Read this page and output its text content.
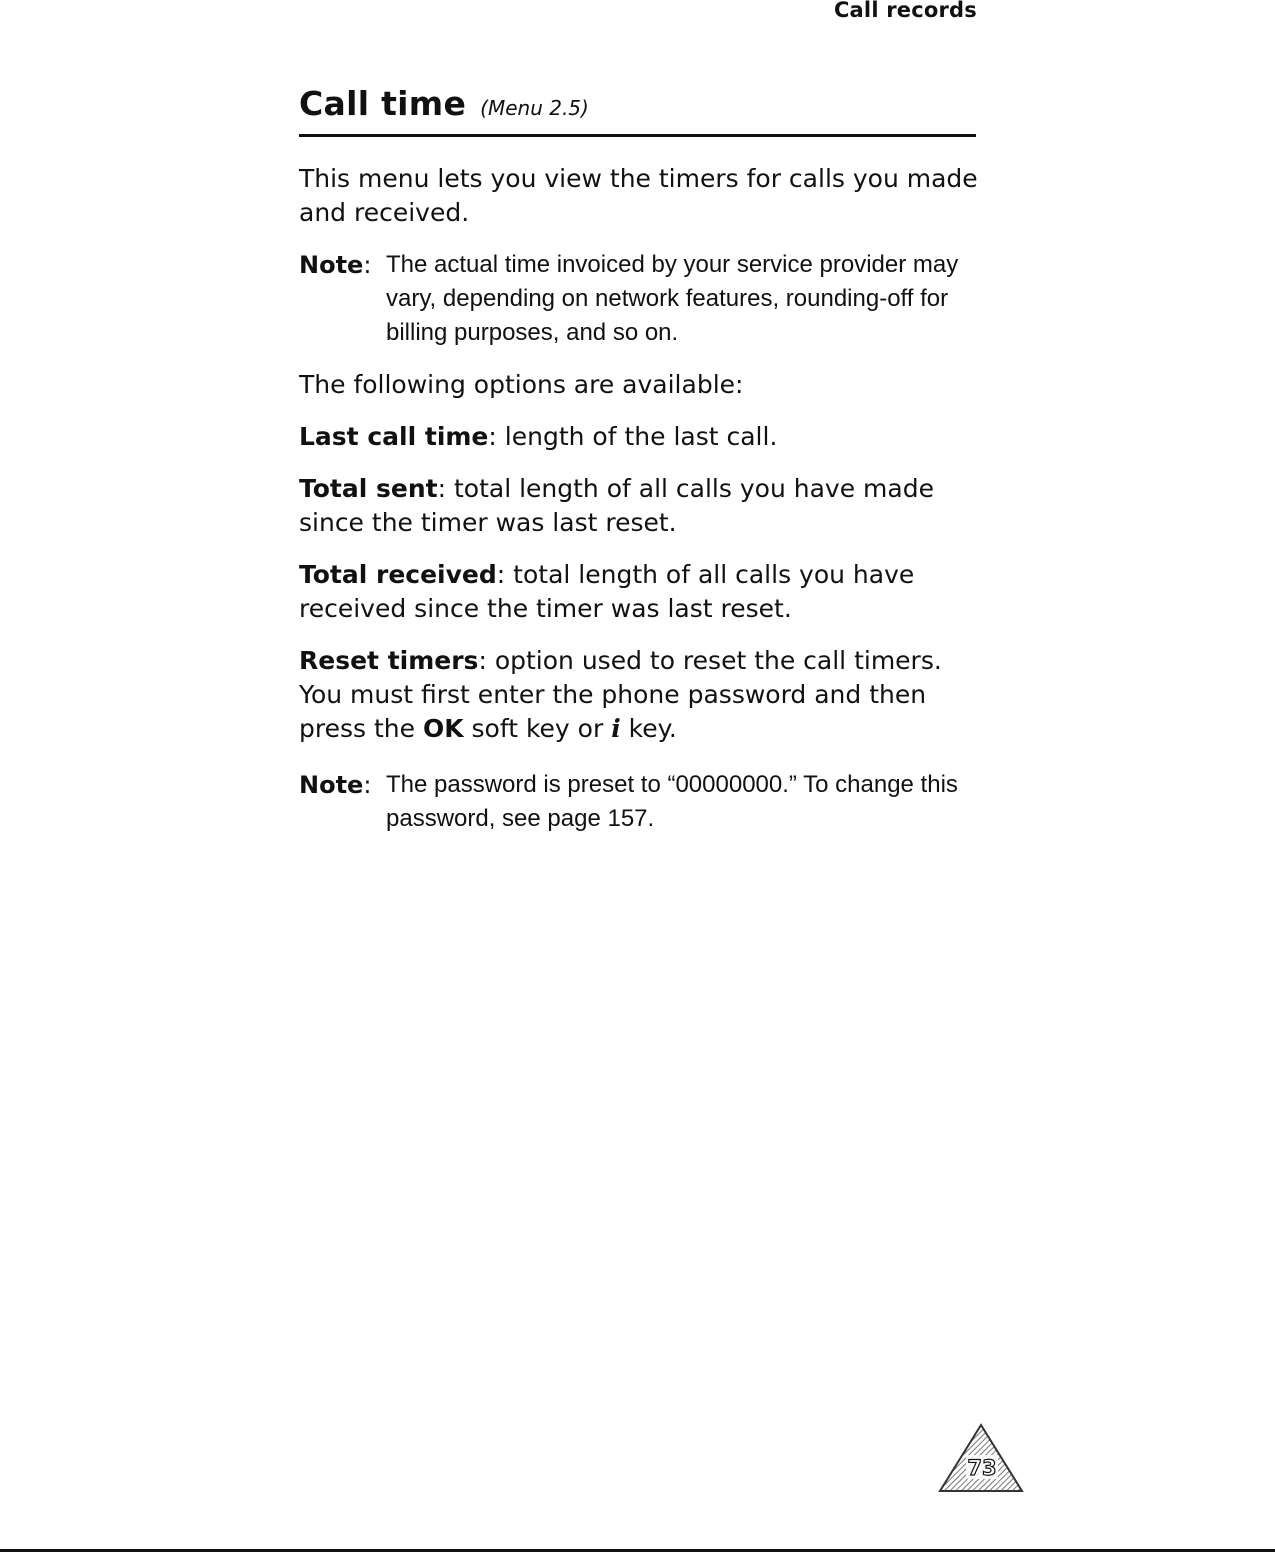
Call records
Call time (Menu 2.5)

This menu lets you view the timers for calls you made and received.

Note: The actual time invoiced by your service provider may vary, depending on network features, rounding-off for billing purposes, and so on.

The following options are available:

Last call time: length of the last call.

Total sent: total length of all calls you have made since the timer was last reset.

Total received: total length of all calls you have received since the timer was last reset.

Reset timers: option used to reset the call timers. You must first enter the phone password and then press the OK soft key or i key.

Note: The password is preset to “00000000.” To change this password, see page 157.
73
